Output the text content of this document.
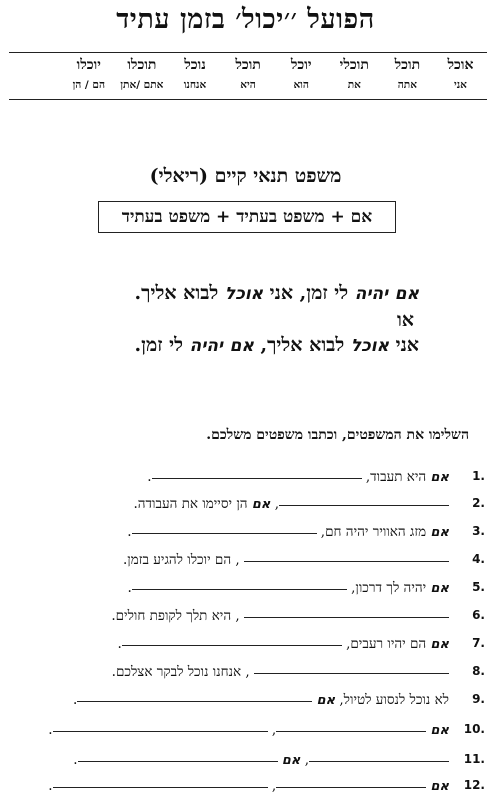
הפועל ׳׳יכול׳ בזמן עתיד
אוכל
תוכל
תוכלי
יוכל
תוכל
נוכל
תוכלו
יוכלו
אני
אתה
את
הוא
היא
אנחנו
אתם /אתן
הם / הן
משפט תנאי קיים (ריאלי)
אם + משפט בעתיד + משפט בעתיד
אם יהיה לי זמן, אני אוכל לבוא אליך.
או
אני אוכל לבוא אליך, אם יהיה לי זמן.
השלימו את המשפטים, וכתבו משפטים משלכם.
1.
אם היא תעבוד, .
2.
, אם הן יסיימו את העבודה.
3.
אם מזג האוויר יהיה חם, .
4.
, הם יוכלו להגיע בזמן.
5.
אם יהיה לך דרכון, .
6.
, היא תלך לקופת חולים.
7.
אם הם יהיו רעבים, .
8.
, אנחנו נוכל לבקר אצלכם.
9.
לא נוכל לנסוע לטיול, אם .
10.
אם , .
11.
, אם .
12.
אם , .
